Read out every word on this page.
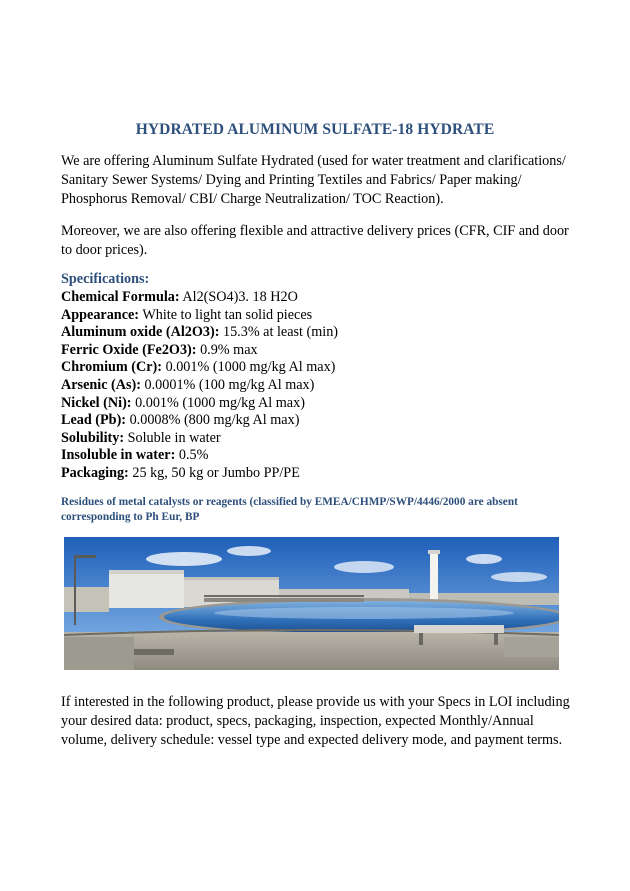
HYDRATED ALUMINUM SULFATE-18 HYDRATE
We are offering Aluminum Sulfate Hydrated (used for water treatment and clarifications/ Sanitary Sewer Systems/ Dying and Printing Textiles and Fabrics/ Paper making/ Phosphorus Removal/ CBI/ Charge Neutralization/ TOC Reaction).
Moreover, we are also offering flexible and attractive delivery prices (CFR, CIF and door to door prices).
Specifications:
Chemical Formula: Al2(SO4)3. 18 H2O
Appearance: White to light tan solid pieces
Aluminum oxide (Al2O3): 15.3% at least (min)
Ferric Oxide (Fe2O3): 0.9% max
Chromium (Cr): 0.001% (1000 mg/kg Al max)
Arsenic (As): 0.0001% (100 mg/kg Al max)
Nickel (Ni): 0.001% (1000 mg/kg Al max)
Lead (Pb): 0.0008% (800 mg/kg Al max)
Solubility: Soluble in water
Insoluble in water: 0.5%
Packaging: 25 kg, 50 kg or Jumbo PP/PE
Residues of metal catalysts or reagents (classified by EMEA/CHMP/SWP/4446/2000 are absent corresponding to Ph Eur, BP
If interested in the following product, please provide us with your Specs in LOI including your desired data: product, specs, packaging, inspection, expected Monthly/Annual volume, delivery schedule: vessel type and expected delivery mode, and payment terms.
